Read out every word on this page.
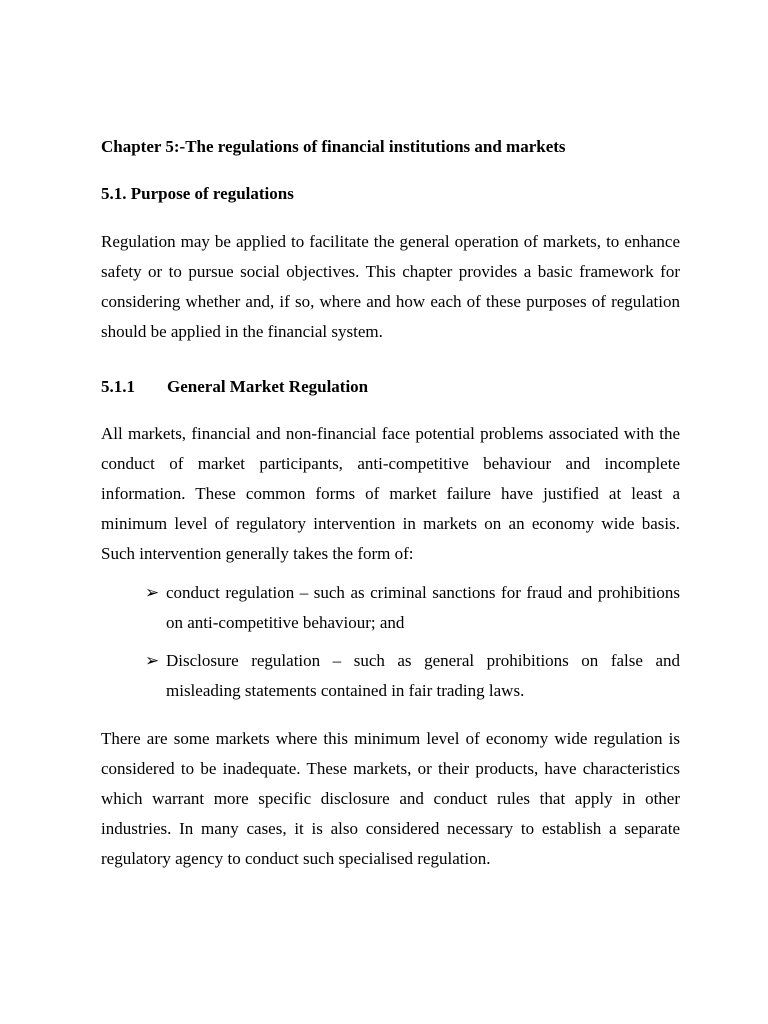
Chapter 5:-The regulations of financial institutions and markets

5.1. Purpose of regulations

Regulation may be applied to facilitate the general operation of markets, to enhance safety or to pursue social objectives. This chapter provides a basic framework for considering whether and, if so, where and how each of these purposes of regulation should be applied in the financial system.

5.1.1 General Market Regulation

All markets, financial and non-financial face potential problems associated with the conduct of market participants, anti-competitive behaviour and incomplete information. These common forms of market failure have justified at least a minimum level of regulatory intervention in markets on an economy wide basis. Such intervention generally takes the form of:

➢ conduct regulation – such as criminal sanctions for fraud and prohibitions on anti-competitive behaviour; and
➢ Disclosure regulation – such as general prohibitions on false and misleading statements contained in fair trading laws.

There are some markets where this minimum level of economy wide regulation is considered to be inadequate. These markets, or their products, have characteristics which warrant more specific disclosure and conduct rules that apply in other industries. In many cases, it is also considered necessary to establish a separate regulatory agency to conduct such specialised regulation.
